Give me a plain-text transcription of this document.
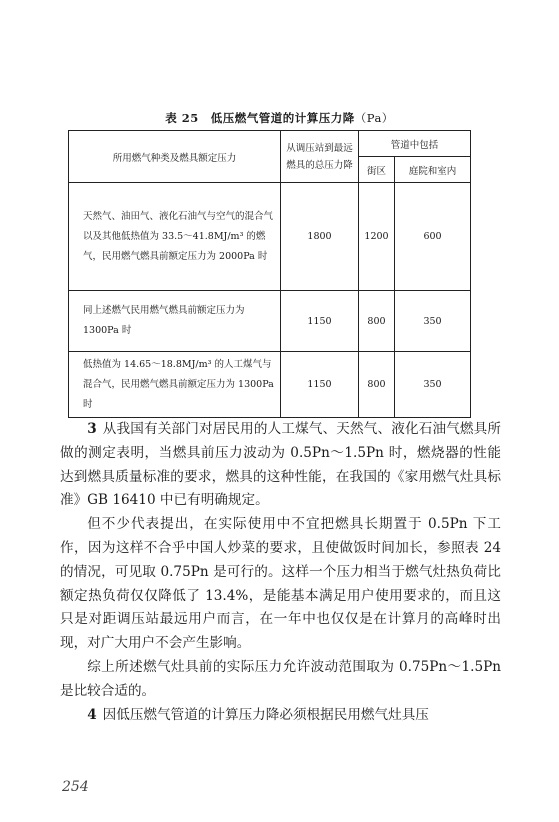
表 25　低压燃气管道的计算压力降（Pa）
所用燃气种类及燃具额定压力	从调压站到最远燃具的总压力降	管道中包括	
		街区	庭院和室内
天然气、油田气、液化石油气与空气的混合气以及其他低热值为 33.5～41.8MJ/m³ 的燃气，民用燃气燃具前额定压力为 2000Pa 时	1800	1200	600
同上述燃气民用燃气燃具前额定压力为 1300Pa 时	1150	800	350
低热值为 14.65～18.8MJ/m³ 的人工煤气与混合气，民用燃气燃具前额定压力为 1300Pa 时	1150	800	350

3 从我国有关部门对居民用的人工煤气、天然气、液化石油气燃具所做的测定表明，当燃具前压力波动为 0.5Pn～1.5Pn 时，燃烧器的性能达到燃具质量标准的要求，燃具的这种性能，在我国的《家用燃气灶具标准》GB 16410 中已有明确规定。

但不少代表提出，在实际使用中不宜把燃具长期置于 0.5Pn 下工作，因为这样不合乎中国人炒菜的要求，且使做饭时间加长，参照表 24 的情况，可见取 0.75Pn 是可行的。这样一个压力相当于燃气灶热负荷比额定热负荷仅仅降低了 13.4%，是能基本满足用户使用要求的，而且这只是对距调压站最远用户而言，在一年中也仅仅是在计算月的高峰时出现，对广大用户不会产生影响。

综上所述燃气灶具前的实际压力允许波动范围取为 0.75Pn～1.5Pn 是比较合适的。

4 因低压燃气管道的计算压力降必须根据民用燃气灶具压

254
